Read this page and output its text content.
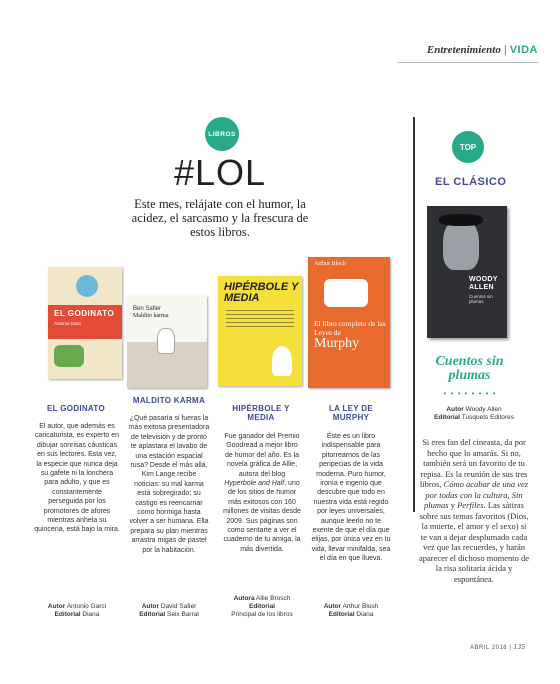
Entretenimiento | VIDA
LIBROS
#LOL
Este mes, relájate con el humor, la acidez, el sarcasmo y la frescura de estos libros.
EL GODINATO
Antonio Garci
Ben Safier
Maldito karma
HIPÉRBOLE Y MEDIA
Arthur Bloch
El libro completo de las Leyes de
Murphy
EL GODINATO
El autor, que además es caricaturista, es experto en dibujar sonrisas cáusticas en sus lectores. Esta vez, la especie que nunca deja su gafete ni la lonchera para adulto, y que es constantemente perseguida por los promotores de afores mientras anhela su quincena, está bajo la mira.
Autor Antonio Garci
Editorial Diana
MALDITO KARMA
¿Qué pasaría si fueras la más exitosa presentadora de televisión y de pronto te aplastara el lavabo de una estación espacial rusa? Desde el más allá, Kim Lange recibe noticias: su mal karma está sobregirado; su castigo es reencarnar como hormiga hasta volver a ser humana. Ella prepara su plan mientras arrastra migas de pastel por la habitación.
Autor David Safier
Editorial Seix Barral
HIPÉRBOLE Y MEDIA
Fue ganador del Premio Goodread a mejor libro de humor del año. Es la novela gráfica de Allie, autora del blog Hyperbole and Half, uno de los sitios de humor más exitosos con 160 millones de visitas desde 2009. Sus páginas son como sentarte a ver el cuaderno de tu amiga, la más divertida.
Autora Allie Brosch
Editorial
Principal de los libros
LA LEY DE MURPHY
Éste es un libro indispensable para pitorrearnos de las peripecias de la vida moderna. Puro humor, ironía e ingenio que descubre que todo en nuestra vida está regido por leyes universales, aunque leerlo no te exente de que el día que elijas, por única vez en tu vida, llevar minifalda, sea el día en que llueva.
Autor Arthur Blosh
Editorial Diana
TOP
EL CLÁSICO
WOODY ALLEN
Cuentos sin plumas
Cuentos sin plumas
• • • • • • • •
Autor Woody Allen
Editorial Tusquets Editores
Si eres fan del cineasta, da por hecho que lo amarás. Si no, también será un favorito de tu repisa. Es la reunión de sus tres libros, Cómo acabar de una vez por todas con la cultura, Sin plumas y Perfiles. Las sátiras sobre sus temas favoritos (Dios, la muerte, el amor y el sexo) si te van a dejar desplumado cada vez que las recuerdes, y harán aparecer el dichoso momento de la risa solitaria ácida y espontánea.
ABRIL 2016 | 135
